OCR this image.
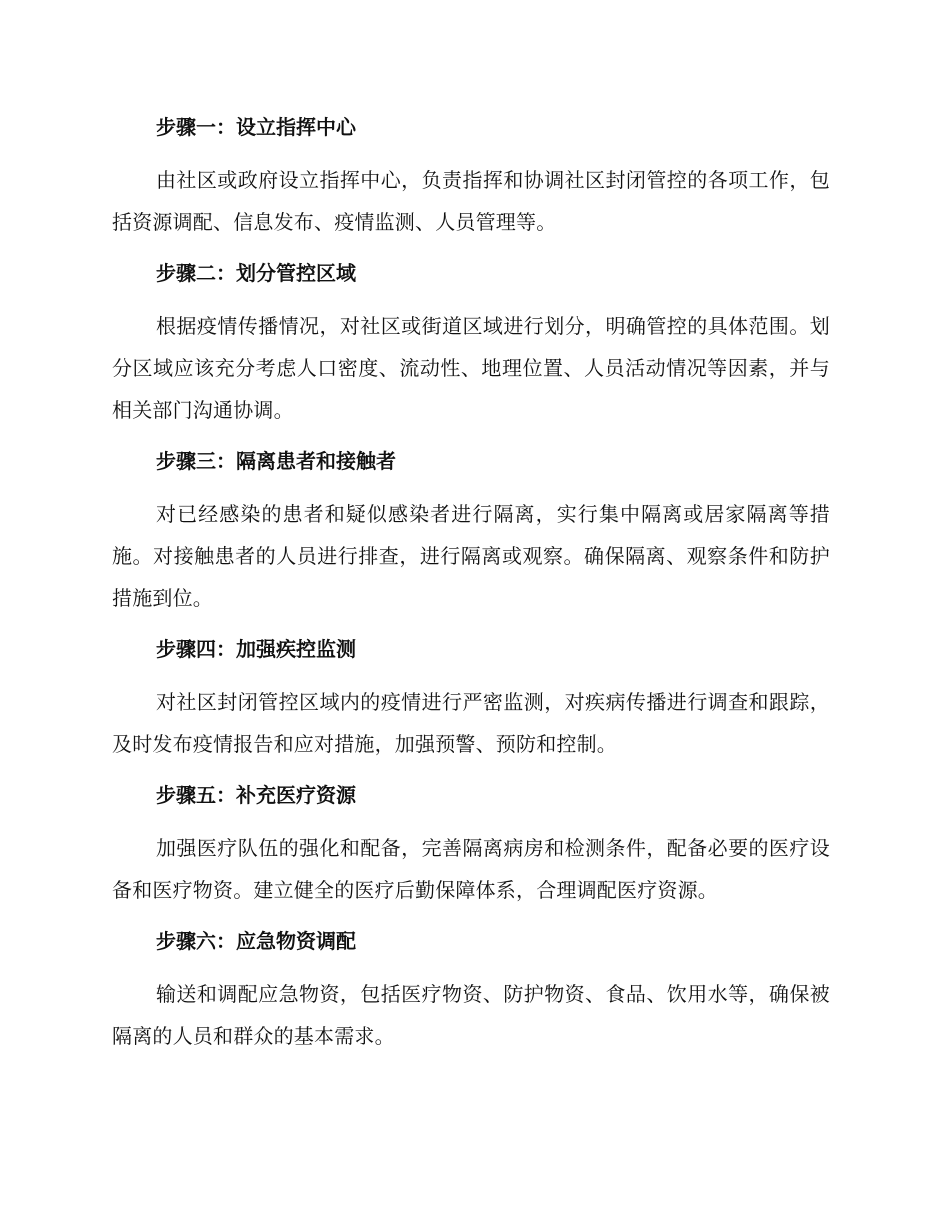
步骤一：设立指挥中心

由社区或政府设立指挥中心，负责指挥和协调社区封闭管控的各项工作，包括资源调配、信息发布、疫情监测、人员管理等。

步骤二：划分管控区域

根据疫情传播情况，对社区或街道区域进行划分，明确管控的具体范围。划分区域应该充分考虑人口密度、流动性、地理位置、人员活动情况等因素，并与相关部门沟通协调。

步骤三：隔离患者和接触者

对已经感染的患者和疑似感染者进行隔离，实行集中隔离或居家隔离等措施。对接触患者的人员进行排查，进行隔离或观察。确保隔离、观察条件和防护措施到位。

步骤四：加强疾控监测

对社区封闭管控区域内的疫情进行严密监测，对疾病传播进行调查和跟踪，及时发布疫情报告和应对措施，加强预警、预防和控制。

步骤五：补充医疗资源

加强医疗队伍的强化和配备，完善隔离病房和检测条件，配备必要的医疗设备和医疗物资。建立健全的医疗后勤保障体系，合理调配医疗资源。

步骤六：应急物资调配

输送和调配应急物资，包括医疗物资、防护物资、食品、饮用水等，确保被隔离的人员和群众的基本需求。
